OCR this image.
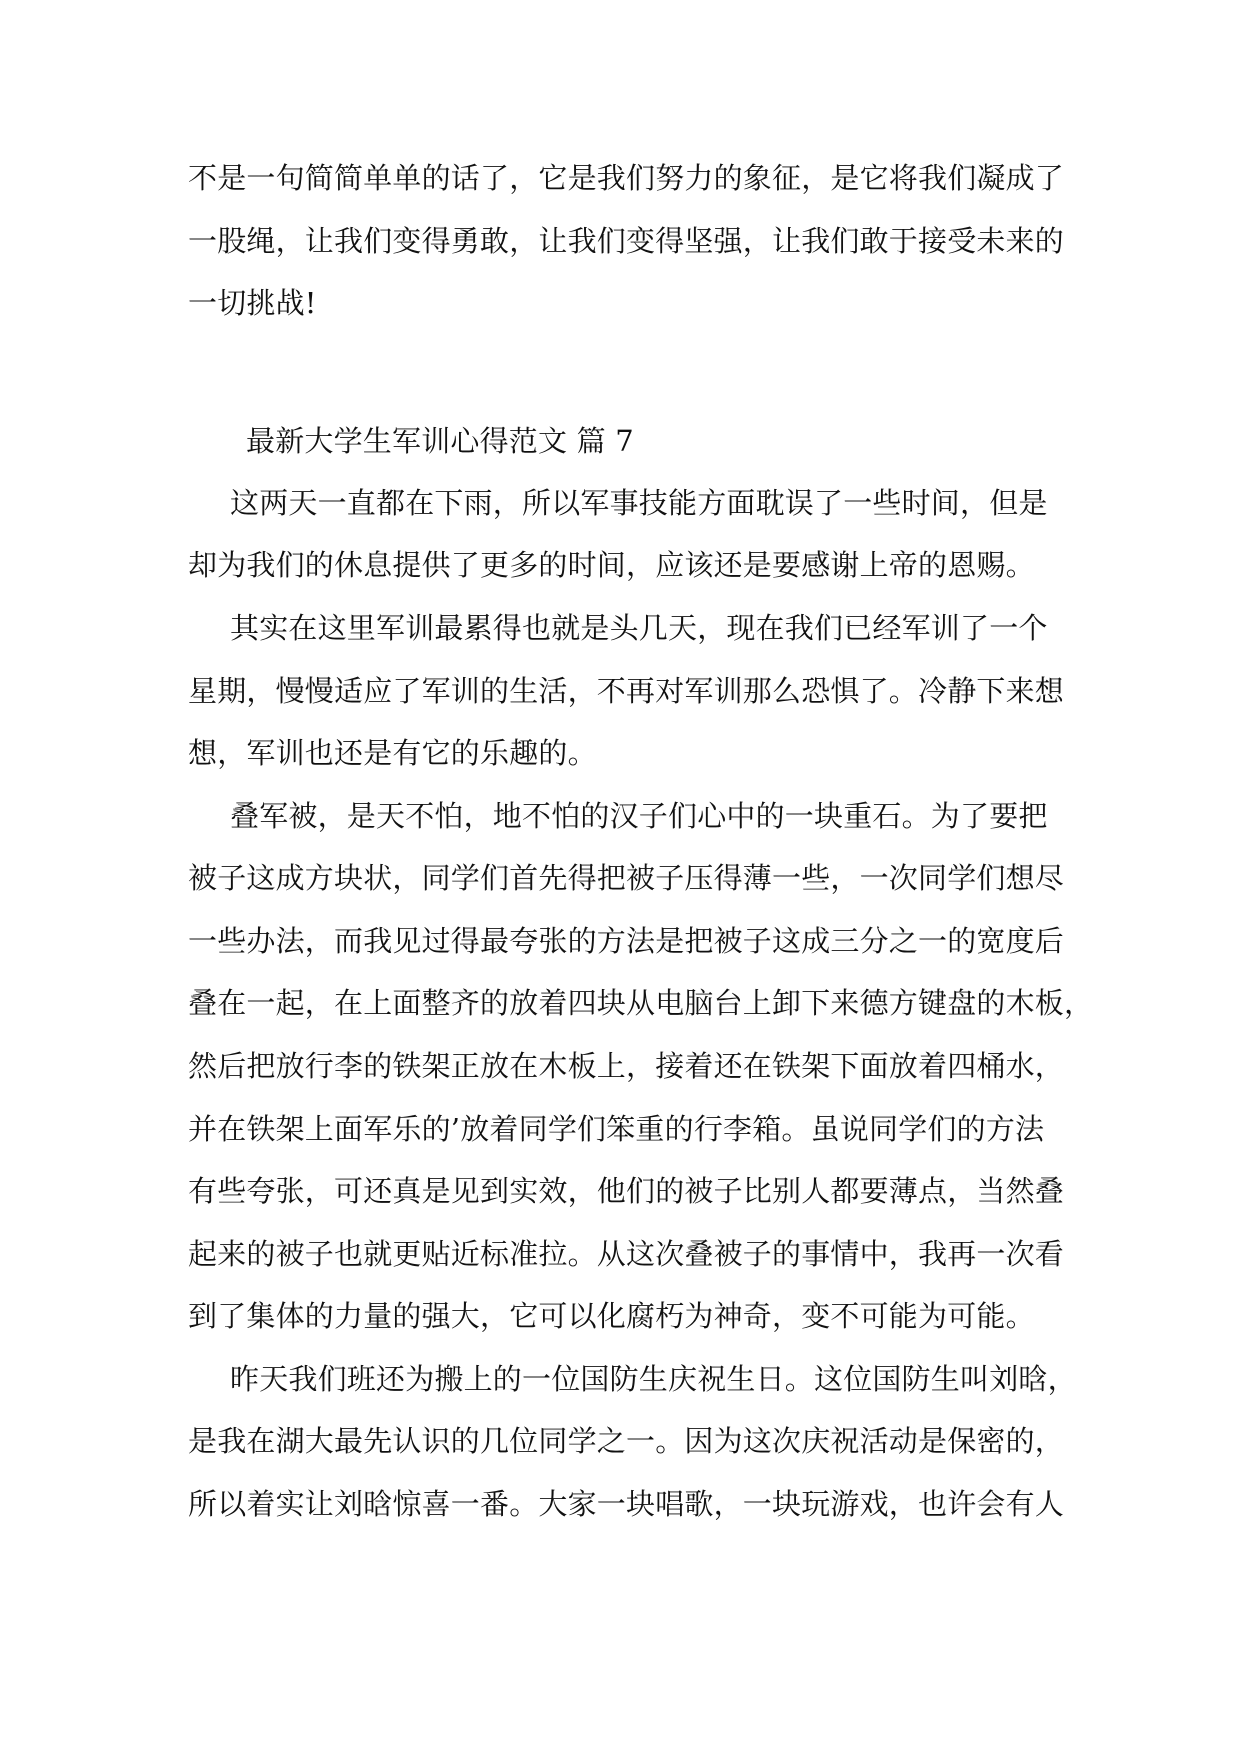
不是一句简简单单的话了，它是我们努力的象征，是它将我们凝成了

一股绳，让我们变得勇敢，让我们变得坚强，让我们敢于接受未来的

一切挑战!

最新大学生军训心得范文 篇 7

这两天一直都在下雨，所以军事技能方面耽误了一些时间，但是

却为我们的休息提供了更多的时间，应该还是要感谢上帝的恩赐。

其实在这里军训最累得也就是头几天，现在我们已经军训了一个

星期，慢慢适应了军训的生活，不再对军训那么恐惧了。冷静下来想

想，军训也还是有它的乐趣的。

叠军被，是天不怕，地不怕的汉子们心中的一块重石。为了要把

被子这成方块状，同学们首先得把被子压得薄一些，一次同学们想尽

一些办法，而我见过得最夸张的方法是把被子这成三分之一的宽度后

叠在一起，在上面整齐的放着四块从电脑台上卸下来德方键盘的木板，

然后把放行李的铁架正放在木板上，接着还在铁架下面放着四桶水，

并在铁架上面军乐的’放着同学们笨重的行李箱。虽说同学们的方法

有些夸张，可还真是见到实效，他们的被子比别人都要薄点，当然叠

起来的被子也就更贴近标准拉。从这次叠被子的事情中，我再一次看

到了集体的力量的强大，它可以化腐朽为神奇，变不可能为可能。

昨天我们班还为搬上的一位国防生庆祝生日。这位国防生叫刘晗，

是我在湖大最先认识的几位同学之一。因为这次庆祝活动是保密的，

所以着实让刘晗惊喜一番。大家一块唱歌，一块玩游戏，也许会有人
